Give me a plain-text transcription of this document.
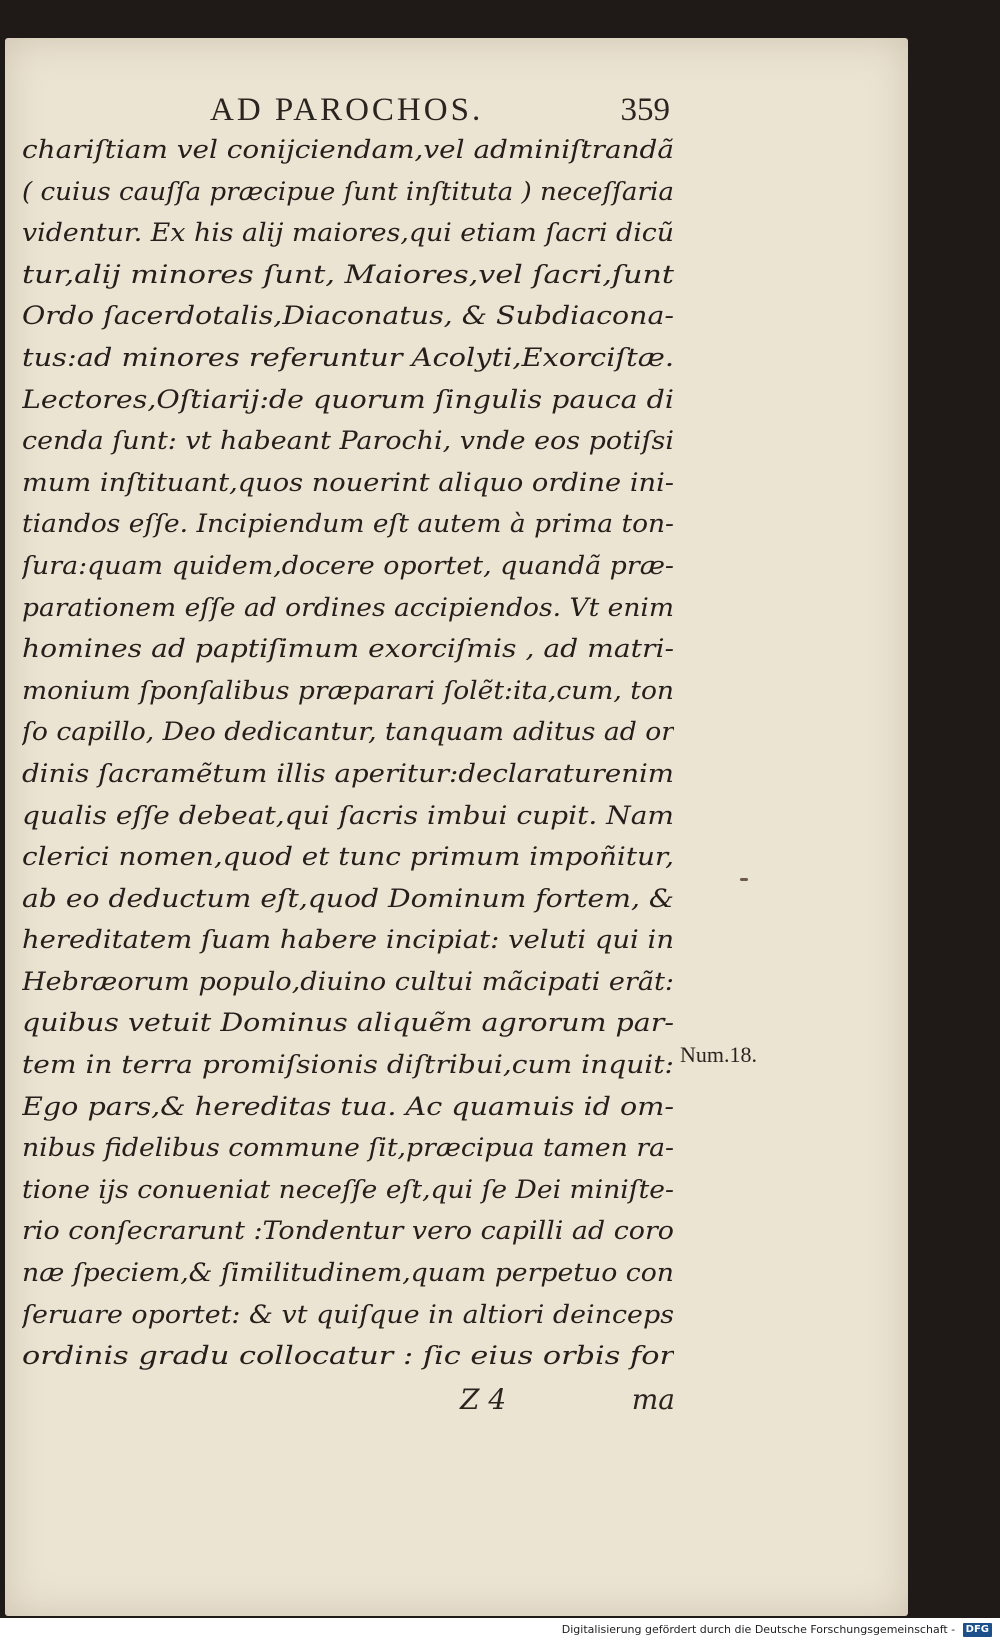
AD PAROCHOS.	359
chariſtiam vel conijciendam,vel adminiſtrandã
( cuius cauſſa præcipue ſunt inſtituta ) neceſſaria
videntur. Ex his alij maiores,qui etiam ſacri dicũ
tur,alij minores ſunt, Maiores,vel ſacri,ſunt
Ordo ſacerdotalis,Diaconatus, & Subdiacona-
tus:ad minores referuntur Acolyti,Exorciſtæ.
Lectores,Oſtiarij:de quorum ſingulis pauca di
cenda ſunt: vt habeant Parochi, vnde eos potiſsi
mum inſtituant,quos nouerint aliquo ordine ini-
tiandos eſſe. Incipiendum eſt autem à prima ton-
ſura:quam quidem,docere oportet, quandã præ-
parationem eſſe ad ordines accipiendos. Vt enim
homines ad paptiſimum exorciſmis , ad matri-
monium ſponſalibus præparari ſolẽt:ita,cum, ton
ſo capillo, Deo dedicantur, tanquam aditus ad or
dinis ſacramẽtum illis aperitur:declaraturenim
qualis eſſe debeat,qui ſacris imbui cupit. Nam
clerici nomen,quod et tunc primum impoñitur,
ab eo deductum eſt,quod Dominum fortem, &
hereditatem ſuam habere incipiat: veluti qui in
Hebræorum populo,diuino cultui mãcipati erãt:
quibus vetuit Dominus aliquẽm agrorum par-
tem in terra promiſsionis diſtribui,cum inquit:
Ego pars,& hereditas tua. Ac quamuis id om-
nibus fidelibus commune ſit,præcipua tamen ra-
tione ijs conueniat neceſſe eſt,qui ſe Dei miniſte-
rio conſecrarunt :Tondentur vero capilli ad coro
næ ſpeciem,& ſimilitudinem,quam perpetuo con
ſeruare oportet: & vt quiſque in altiori deinceps
ordinis gradu collocatur : ſic eius orbis for
Num.18.
Z 4	ma
Digitalisierung gefördert durch die Deutsche Forschungsgemeinschaft - DFG
